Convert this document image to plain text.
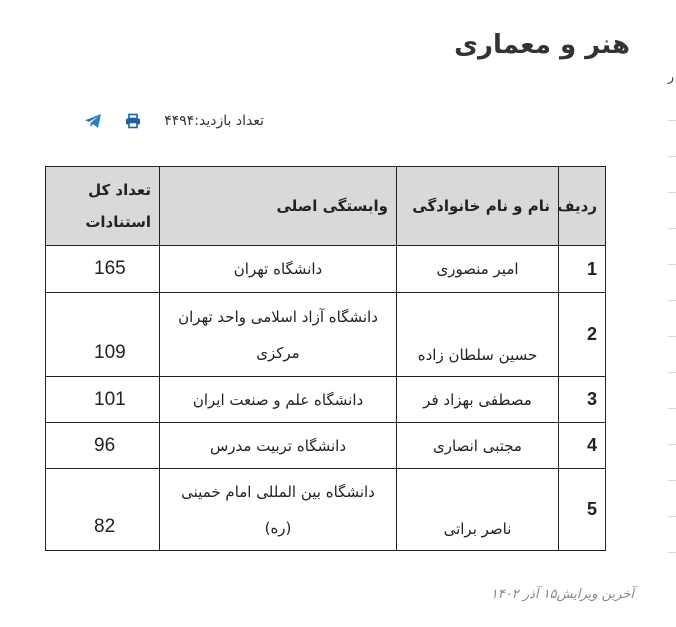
هنر و معماری
ر
تعداد بازدید:۴۴۹۴
ردیف	نام و نام خانوادگی	وابستگی اصلی	تعداد کل استنادات
1	امیر منصوری	دانشگاه تهران	165
2	حسین سلطان زاده	دانشگاه آزاد اسلامی واحد تهران مرکزی	109
3	مصطفی بهزاد فر	دانشگاه علم و صنعت ایران	101
4	مجتبی انصاری	دانشگاه تربیت مدرس	96
5	ناصر براتی	دانشگاه بین المللی امام خمینی (ره)	82
آخرین ویرایش۱۵ آذر ۱۴۰۲
